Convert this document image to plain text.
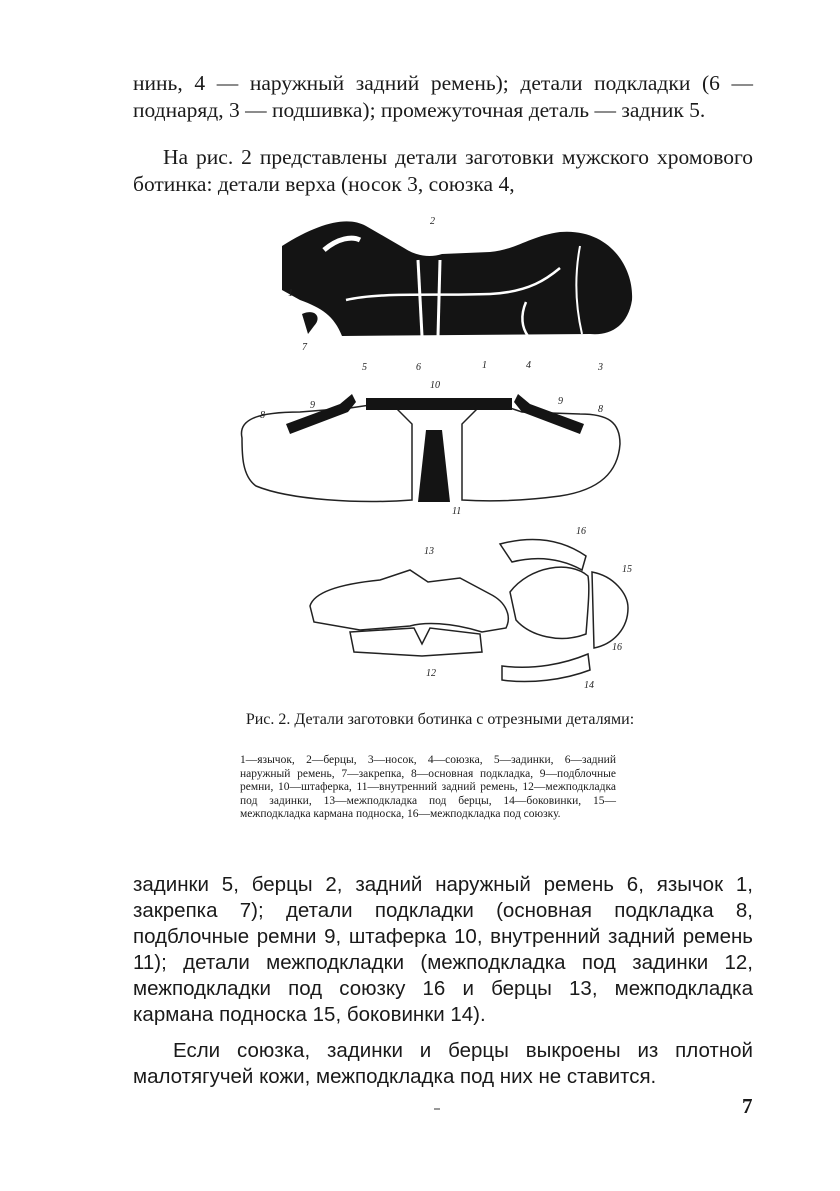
нинь, 4 — наружный задний ремень); детали подкладки (6 — поднаряд, 3 — подшивка); промежуточная деталь — задник 5.
На рис. 2 представлены детали заготовки мужского хромового ботинка: детали верха (носок 3, союзка 4,
2
1
7
5	6	1	4	3
10
8
9	9
8
11
13
16
15
16
12
14
Рис. 2. Детали заготовки ботинка с отрезными деталями:
1—язычок, 2—берцы, 3—носок, 4—союзка, 5—задинки, 6—задний наружный ремень, 7—закрепка, 8—основная подкладка, 9—подблочные ремни, 10—штаферка, 11—внутренний задний ремень, 12—межподкладка под задинки, 13—межподкладка под берцы, 14—боковинки, 15—межподкладка кармана подноска, 16—межподкладка под союзку.
задинки 5, берцы 2, задний наружный ремень 6, язычок 1, закрепка 7); детали подкладки (основная подкладка 8, подблочные ремни 9, штаферка 10, внутренний задний ремень 11); детали межподкладки (межподкладка под задинки 12, межподкладки под союзку 16 и берцы 13, межподкладка кармана подноска 15, боковинки 14).
Если союзка, задинки и берцы выкроены из плотной малотягучей кожи, межподкладка под них не ставится.
7
